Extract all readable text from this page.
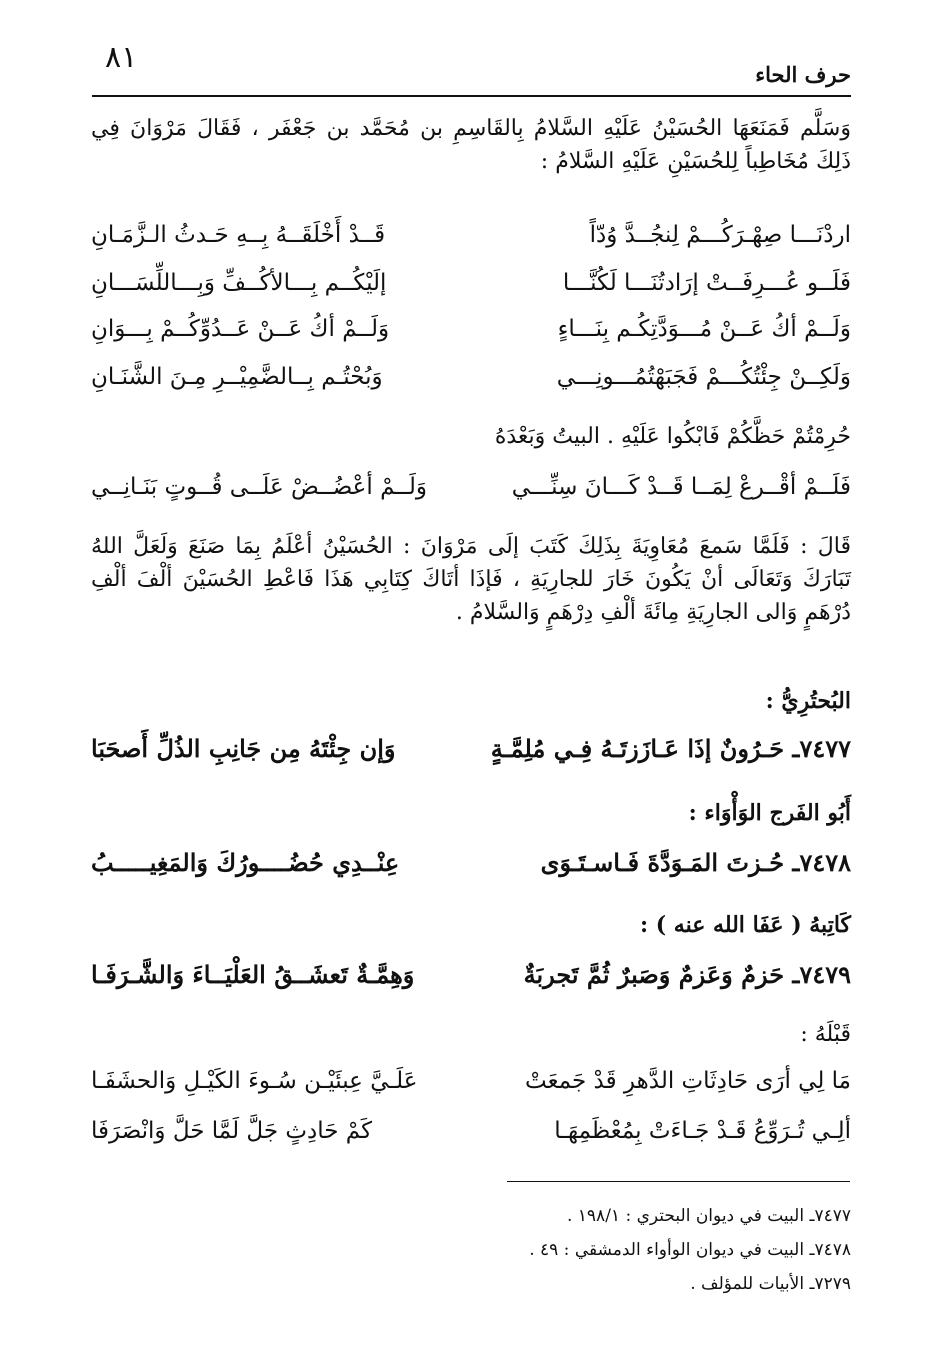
٨١	حرف الحاء
وَسَلَّم فَمَنَعَهَا الحُسَيْنُ عَلَيْهِ السَّلامُ بِالقَاسِمِ بن مُحَمَّد بن جَعْفَر ، فَقَالَ مَرْوَانَ فِي ذَلِكَ مُخَاطِباً لِلحُسَيْنِ عَلَيْهِ السَّلامُ :
اردْنَـــا صِهْـرَكُـــمْ لِنجُــدَّ وُدّاً
قَــدْ أَخْلَقَــهُ بِــهِ حَـدثُ الـزَّمَـانِ
فَلَــو عُـــرِفَــتْ إرَادتُنَـــا لَكُنَّـــا
إلَيْكُــم بِـــالأكُــفِّ وَبِـــاللِّسَـــانِ
وَلَــمْ أكُ عَــنْ مُـــوَدَّتِكُـم بِنَـــاءٍ
وَلَــمْ أكُ عَــنْ عَــدُوِّكُــمْ بِـــوَانِ
وَلَكِــنْ جِئْتُكُـــمْ فَجَبَهْتُمُـــونِـــي
وَبُحْتُـم بِــالضَّمِيْــرِ مِـنَ الشَّنَـانِ
حُرِمْتُمْ حَظَّكُمْ فَابْكُوا عَلَيْهِ . البيتُ وَبَعْدَهُ
فَلَــمْ أقْــرعْ لِمَــا قَــدْ كَـــانَ سِنِّـــي
وَلَــمْ أعْضُــضْ عَلَــى قُــوتٍ بَنَـانِــي
قَالَ : فَلَمَّا سَمعَ مُعَاوِيَةَ بِذَلِكَ كَتَبَ إلَى مَرْوَانَ : الحُسَيْنُ أعْلَمُ بِمَا صَنَعَ وَلَعَلَّ اللهُ تَبَارَكَ وَتَعَالَى أنْ يَكُونَ خَارَ للجارِيَةِ ، فَإذَا أتَاكَ كِتَابِي هَذَا فَاعْطِ الحُسَيْنَ ألْفَ ألْفِ دُرْهَمٍ وَالى الجارِيَةِ مِائَةَ ألْفِ دِرْهَمٍ وَالسَّلامُ .
البُحتُرِيُّ :
٧٤٧٧ـ حَـرُونٌ إذَا عَـازَزتَـهُ فِـي مُلِمَّـةٍ
وَإن جِئْتَهُ مِن جَانِبِ الذُلِّ أَصحَبَا
أَبُو الفَرج الوَأْوَاء :
٧٤٧٨ـ حُـزتَ المَـوَدَّةَ فَـاسـتَـوَى
عِنْــدِي حُضُــــورُكَ وَالمَغِيـــــبُ
كَاتِبهُ ( عَفَا الله عنه ) :
٧٤٧٩ـ حَزمٌ وَعَزمٌ وَصَبرٌ ثُمَّ تَجربَةٌ
وَهِمَّـةٌ تَعشَــقُ العَلْيَــاءَ وَالشَّـرَفَـا
قَبْلَهُ :
مَا لِي أرَى حَادِثَاتِ الدَّهرِ قَدْ جَمعَتْ
عَلَـيَّ عِبئَيْـن سُـوءَ الكَيْـلِ وَالحشَفَـا
ألِـي تُـرَوِّعُ قَـدْ جَـاءَتْ بِمُعْظَمِهَـا
كَمْ حَادِثٍ جَلَّ لَمَّا حَلَّ وَانْصَرَفَا
٧٤٧٧ـ البيت في ديوان البحتري : ١٩٨/١ .
٧٤٧٨ـ البيت في ديوان الوأواء الدمشقي : ٤٩ .
٧٢٧٩ـ الأبيات للمؤلف .
